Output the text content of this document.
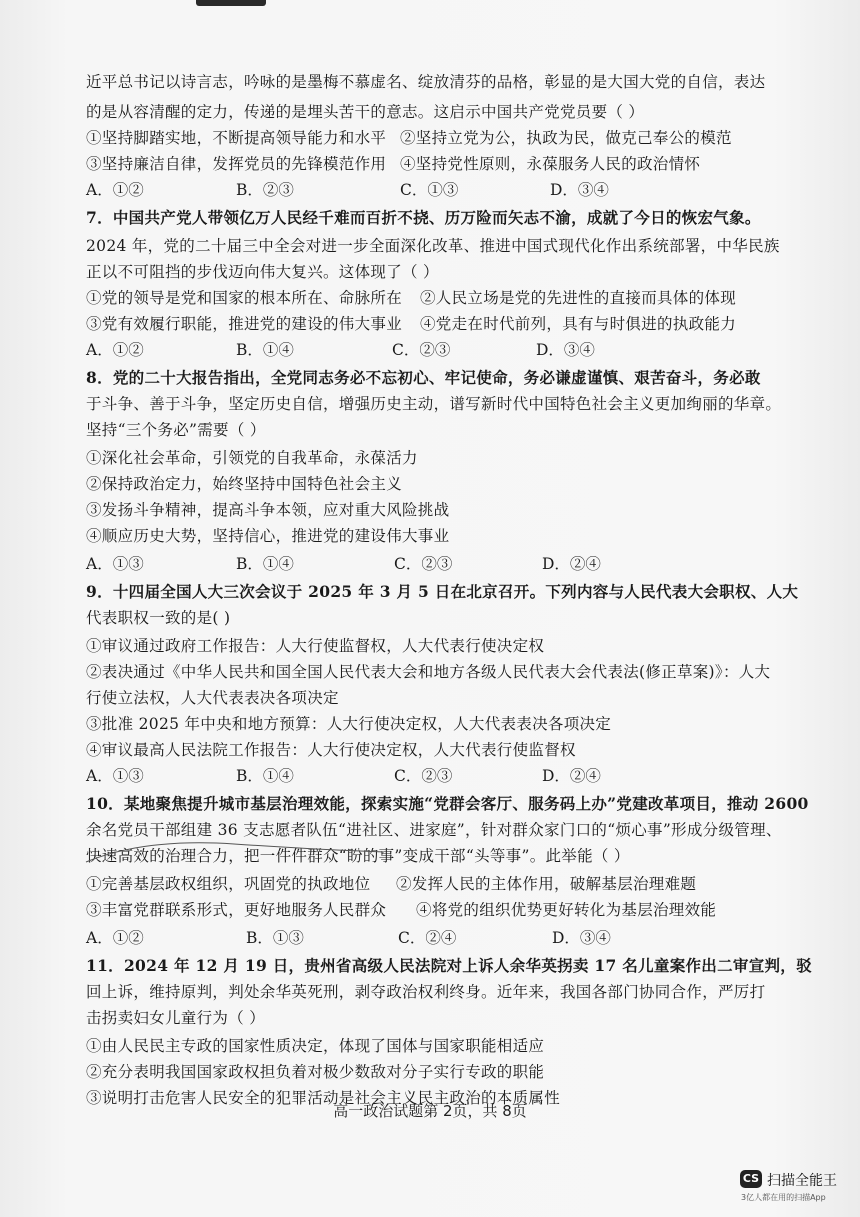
近平总书记以诗言志，吟咏的是墨梅不慕虚名、绽放清芬的品格，彰显的是大国大党的自信，表达
的是从容清醒的定力，传递的是埋头苦干的意志。这启示中国共产党党员要（ ）
①坚持脚踏实地，不断提高领导能力和水平 ②坚持立党为公，执政为民，做克己奉公的模范
③坚持廉洁自律，发挥党员的先锋模范作用 ④坚持党性原则，永葆服务人民的政治情怀
A．①②	B．②③	C．①③	D．③④
7．中国共产党人带领亿万人民经千难而百折不挠、历万险而矢志不渝，成就了今日的恢宏气象。
2024 年，党的二十届三中全会对进一步全面深化改革、推进中国式现代化作出系统部署，中华民族
正以不可阻挡的步伐迈向伟大复兴。这体现了（ ）
①党的领导是党和国家的根本所在、命脉所在 ②人民立场是党的先进性的直接而具体的体现
③党有效履行职能，推进党的建设的伟大事业 ④党走在时代前列，具有与时俱进的执政能力
A．①②	B．①④	C．②③	D．③④
8．党的二十大报告指出，全党同志务必不忘初心、牢记使命，务必谦虚谨慎、艰苦奋斗，务必敢
于斗争、善于斗争，坚定历史自信，增强历史主动，谱写新时代中国特色社会主义更加绚丽的华章。
坚持“三个务必”需要（ ）
①深化社会革命，引领党的自我革命，永葆活力
②保持政治定力，始终坚持中国特色社会主义
③发扬斗争精神，提高斗争本领，应对重大风险挑战
④顺应历史大势，坚持信心，推进党的建设伟大事业
A．①③	B．①④	C．②③	D．②④
9．十四届全国人大三次会议于 2025 年 3 月 5 日在北京召开。下列内容与人民代表大会职权、人大
代表职权一致的是( )
①审议通过政府工作报告：人大行使监督权，人大代表行使决定权
②表决通过《中华人民共和国全国人民代表大会和地方各级人民代表大会代表法(修正草案)》：人大
行使立法权，人大代表表决各项决定
③批准 2025 年中央和地方预算：人大行使决定权，人大代表表决各项决定
④审议最高人民法院工作报告：人大行使决定权，人大代表行使监督权
A．①③	B．①④	C．②③	D．②④
10．某地聚焦提升城市基层治理效能，探索实施“党群会客厅、服务码上办”党建改革项目，推动 2600
余名党员干部组建 36 支志愿者队伍“进社区、进家庭”，针对群众家门口的“烦心事”形成分级管理、
快速高效的治理合力，把一件件群众“盼的事”变成干部“头等事”。此举能（ ）
①完善基层政权组织，巩固党的执政地位 ②发挥人民的主体作用，破解基层治理难题
③丰富党群联系形式，更好地服务人民群众 ④将党的组织优势更好转化为基层治理效能
A．①②	B．①③	C．②④	D．③④
11．2024 年 12 月 19 日，贵州省高级人民法院对上诉人余华英拐卖 17 名儿童案作出二审宣判，驳
回上诉，维持原判，判处余华英死刑，剥夺政治权利终身。近年来，我国各部门协同合作，严厉打
击拐卖妇女儿童行为（ ）
①由人民民主专政的国家性质决定，体现了国体与国家职能相适应
②充分表明我国国家政权担负着对极少数敌对分子实行专政的职能
③说明打击危害人民安全的犯罪活动是社会主义民主政治的本质属性
高一政治试题第 2页，共 8页
CS 扫描全能王
3亿人都在用的扫描App
